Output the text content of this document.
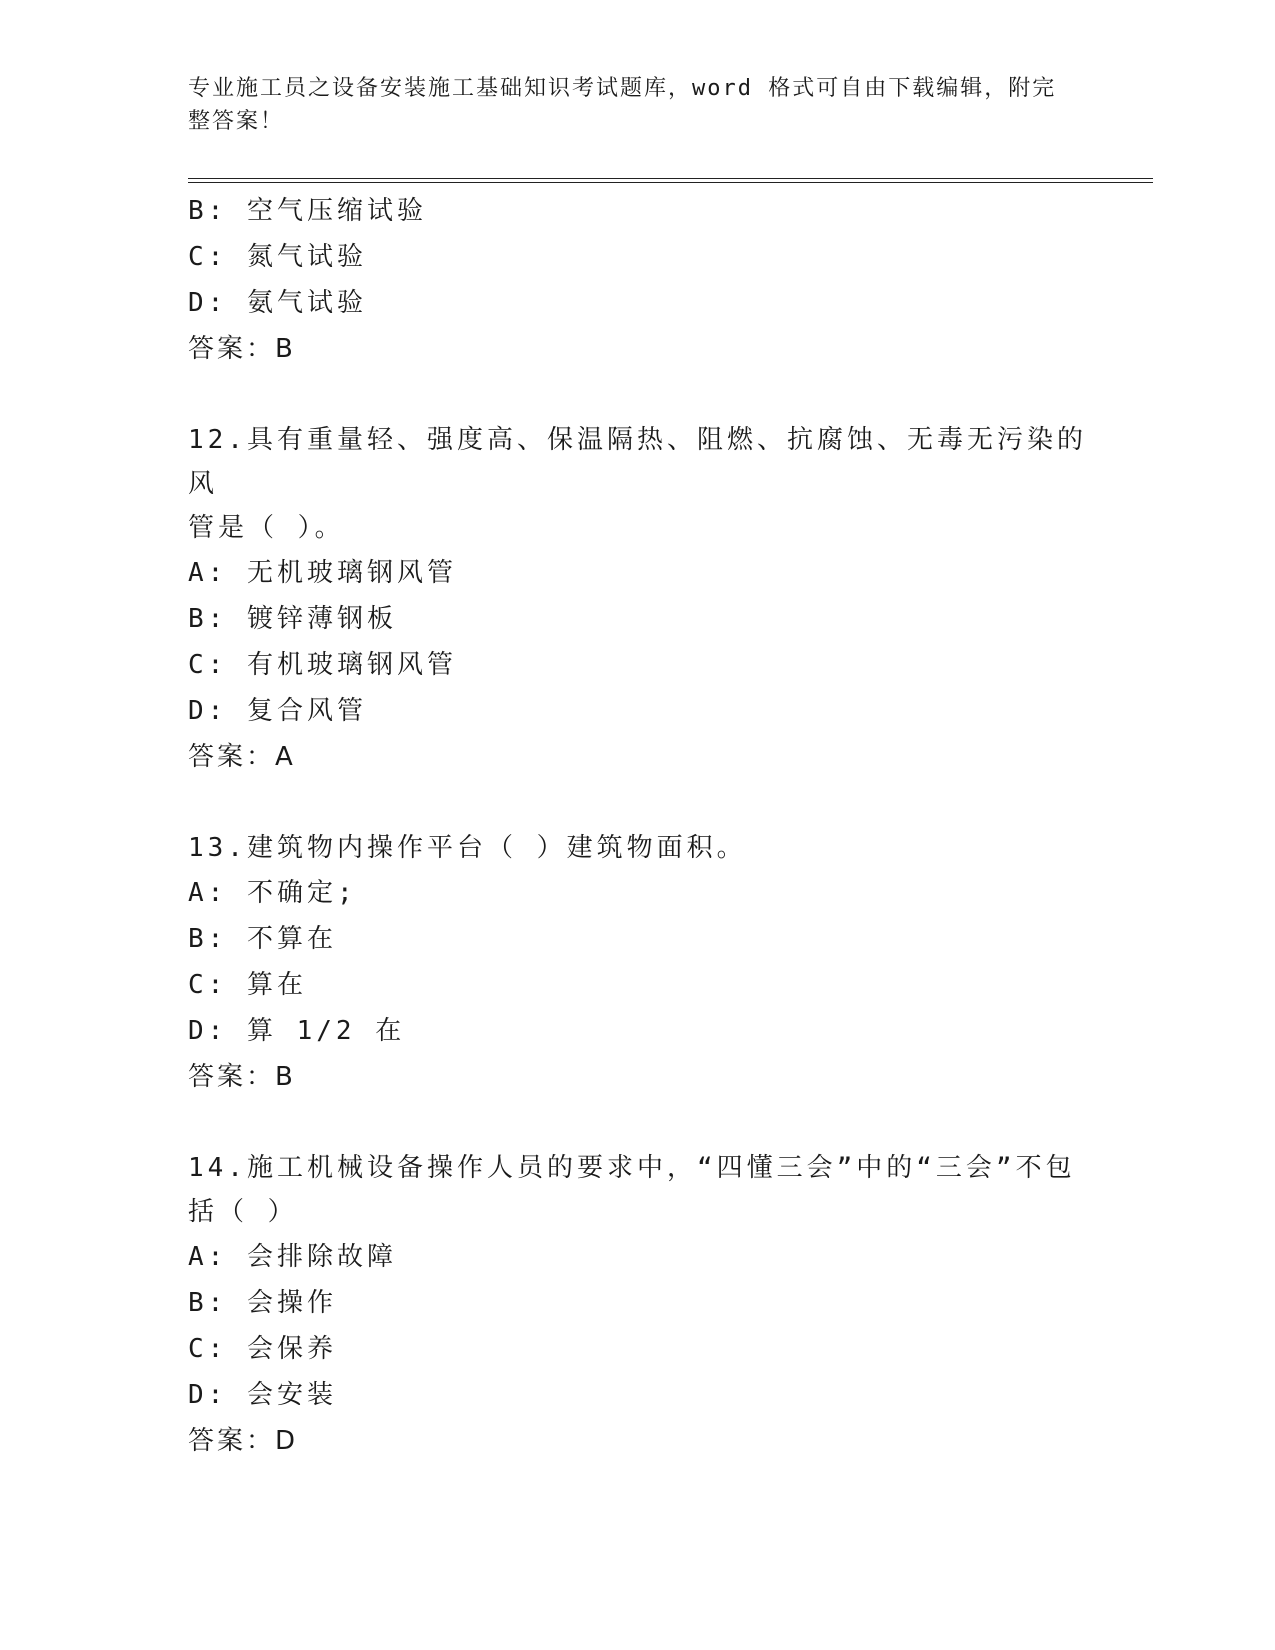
专业施工员之设备安装施工基础知识考试题库，word 格式可自由下载编辑，附完
整答案！
B: 空气压缩试验
C: 氮气试验
D: 氨气试验
答案：B
12.具有重量轻、强度高、保温隔热、阻燃、抗腐蚀、无毒无污染的风
管是（ ）。
A: 无机玻璃钢风管
B: 镀锌薄钢板
C: 有机玻璃钢风管
D: 复合风管
答案：A
13.建筑物内操作平台（ ）建筑物面积。
A: 不确定;
B: 不算在
C: 算在
D: 算 1/2 在
答案：B
14.施工机械设备操作人员的要求中，“四懂三会”中的“三会”不包
括（ ）
A: 会排除故障
B: 会操作
C: 会保养
D: 会安装
答案：D
